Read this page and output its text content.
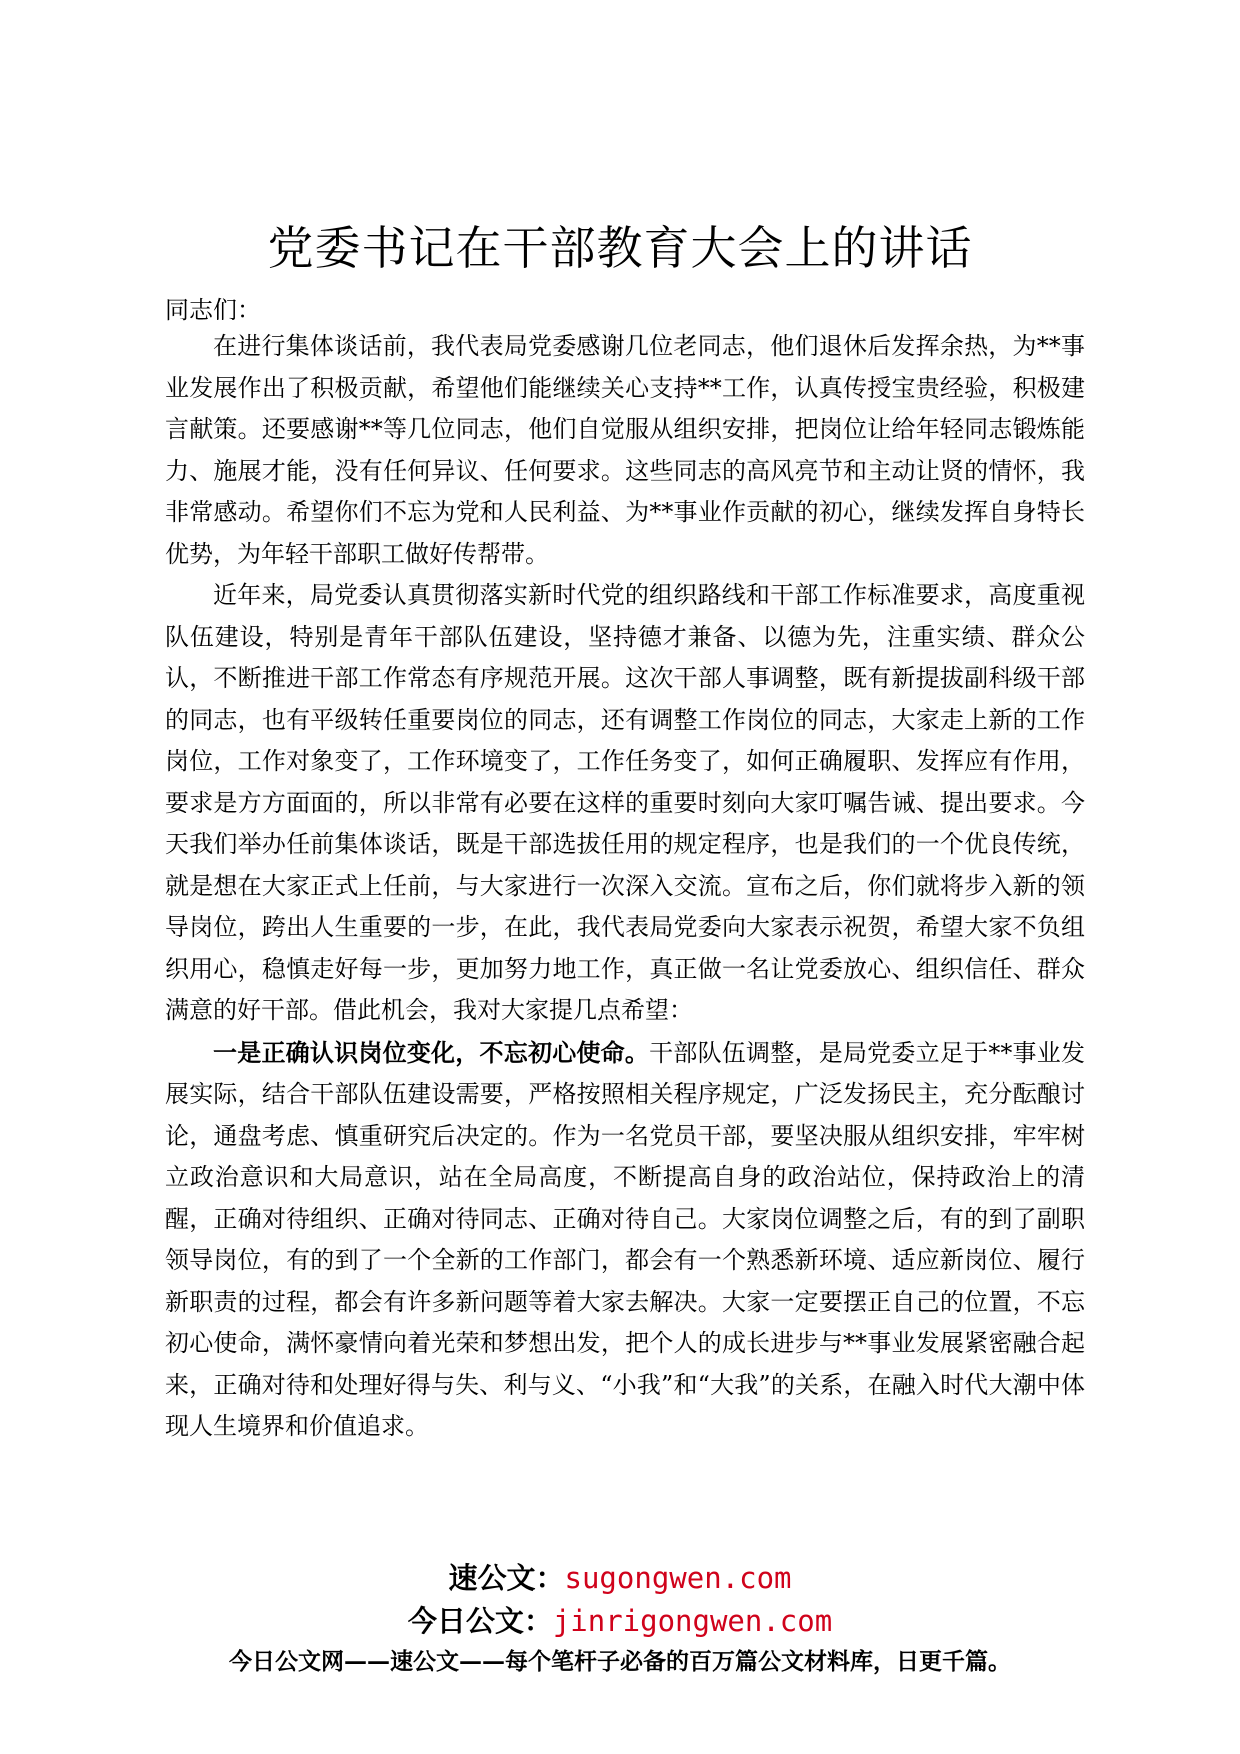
党委书记在干部教育大会上的讲话

同志们：

在进行集体谈话前，我代表局党委感谢几位老同志，他们退休后发挥余热，为**事业发展作出了积极贡献，希望他们能继续关心支持**工作，认真传授宝贵经验，积极建言献策。还要感谢**等几位同志，他们自觉服从组织安排，把岗位让给年轻同志锻炼能力、施展才能，没有任何异议、任何要求。这些同志的高风亮节和主动让贤的情怀，我非常感动。希望你们不忘为党和人民利益、为**事业作贡献的初心，继续发挥自身特长优势，为年轻干部职工做好传帮带。

近年来，局党委认真贯彻落实新时代党的组织路线和干部工作标准要求，高度重视队伍建设，特别是青年干部队伍建设，坚持德才兼备、以德为先，注重实绩、群众公认，不断推进干部工作常态有序规范开展。这次干部人事调整，既有新提拔副科级干部的同志，也有平级转任重要岗位的同志，还有调整工作岗位的同志，大家走上新的工作岗位，工作对象变了，工作环境变了，工作任务变了，如何正确履职、发挥应有作用，要求是方方面面的，所以非常有必要在这样的重要时刻向大家叮嘱告诫、提出要求。今天我们举办任前集体谈话，既是干部选拔任用的规定程序，也是我们的一个优良传统，就是想在大家正式上任前，与大家进行一次深入交流。宣布之后，你们就将步入新的领导岗位，跨出人生重要的一步，在此，我代表局党委向大家表示祝贺，希望大家不负组织用心，稳慎走好每一步，更加努力地工作，真正做一名让党委放心、组织信任、群众满意的好干部。借此机会，我对大家提几点希望：

一是正确认识岗位变化，不忘初心使命。干部队伍调整，是局党委立足于**事业发展实际，结合干部队伍建设需要，严格按照相关程序规定，广泛发扬民主，充分酝酿讨论，通盘考虑、慎重研究后决定的。作为一名党员干部，要坚决服从组织安排，牢牢树立政治意识和大局意识，站在全局高度，不断提高自身的政治站位，保持政治上的清醒，正确对待组织、正确对待同志、正确对待自己。大家岗位调整之后，有的到了副职领导岗位，有的到了一个全新的工作部门，都会有一个熟悉新环境、适应新岗位、履行新职责的过程，都会有许多新问题等着大家去解决。大家一定要摆正自己的位置，不忘初心使命，满怀豪情向着光荣和梦想出发，把个人的成长进步与**事业发展紧密融合起来，正确对待和处理好得与失、利与义、“小我”和“大我”的关系，在融入时代大潮中体现人生境界和价值追求。

速公文：sugongwen.com
今日公文：jinrigongwen.com
今日公文网——速公文——每个笔杆子必备的百万篇公文材料库，日更千篇。
